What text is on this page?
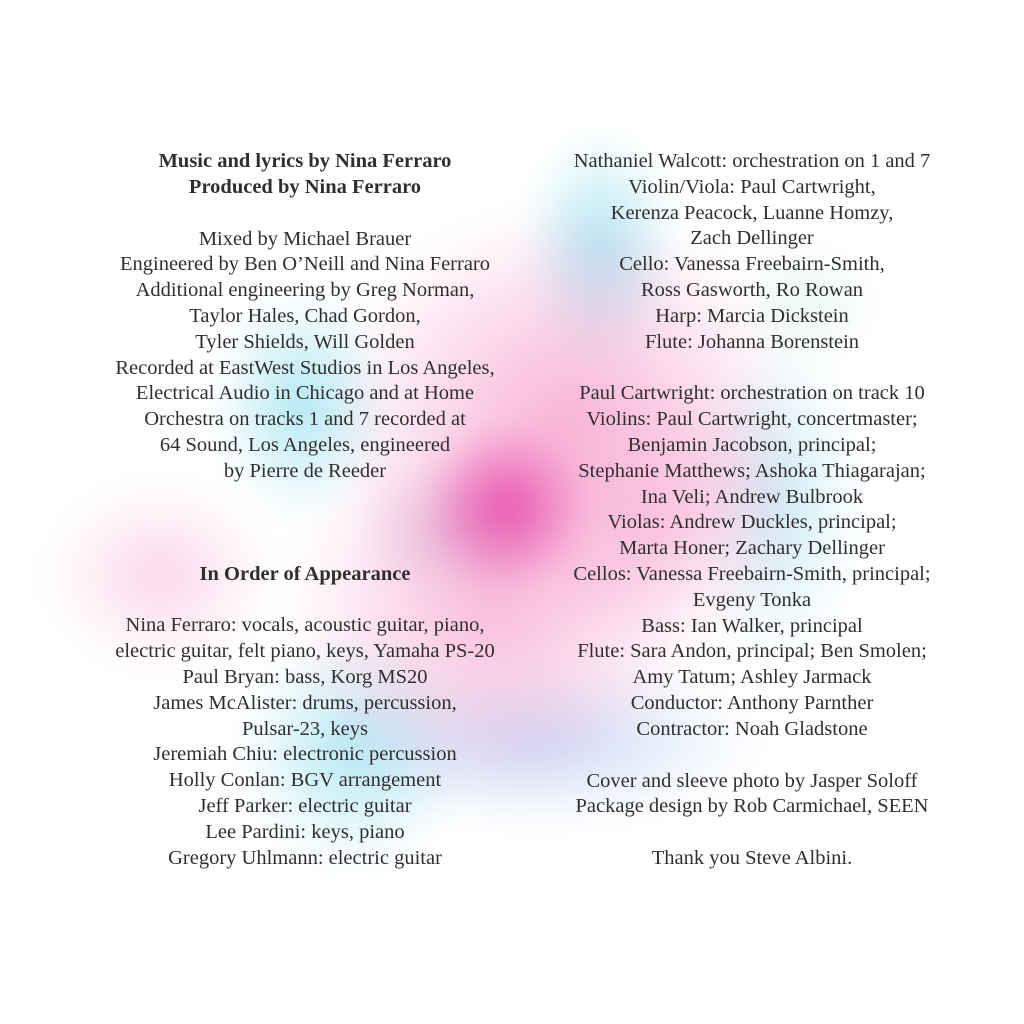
Music and lyrics by Nina Ferraro
Produced by Nina Ferraro
Mixed by Michael Brauer
Engineered by Ben O’Neill and Nina Ferraro
Additional engineering by Greg Norman,
Taylor Hales, Chad Gordon,
Tyler Shields, Will Golden
Recorded at EastWest Studios in Los Angeles,
Electrical Audio in Chicago and at Home
Orchestra on tracks 1 and 7 recorded at
64 Sound, Los Angeles, engineered
by Pierre de Reeder
In Order of Appearance
Nina Ferraro: vocals, acoustic guitar, piano,
electric guitar, felt piano, keys, Yamaha PS-20
Paul Bryan: bass, Korg MS20
James McAlister: drums, percussion,
Pulsar-23, keys
Jeremiah Chiu: electronic percussion
Holly Conlan: BGV arrangement
Jeff Parker: electric guitar
Lee Pardini: keys, piano
Gregory Uhlmann: electric guitar
Nathaniel Walcott: orchestration on 1 and 7
Violin/Viola: Paul Cartwright,
Kerenza Peacock, Luanne Homzy,
Zach Dellinger
Cello: Vanessa Freebairn-Smith,
Ross Gasworth, Ro Rowan
Harp: Marcia Dickstein
Flute: Johanna Borenstein
Paul Cartwright: orchestration on track 10
Violins: Paul Cartwright, concertmaster;
Benjamin Jacobson, principal;
Stephanie Matthews; Ashoka Thiagarajan;
Ina Veli; Andrew Bulbrook
Violas: Andrew Duckles, principal;
Marta Honer; Zachary Dellinger
Cellos: Vanessa Freebairn-Smith, principal;
Evgeny Tonka
Bass: Ian Walker, principal
Flute: Sara Andon, principal; Ben Smolen;
Amy Tatum; Ashley Jarmack
Conductor: Anthony Parnther
Contractor: Noah Gladstone
Cover and sleeve photo by Jasper Soloff
Package design by Rob Carmichael, SEEN
Thank you Steve Albini.
